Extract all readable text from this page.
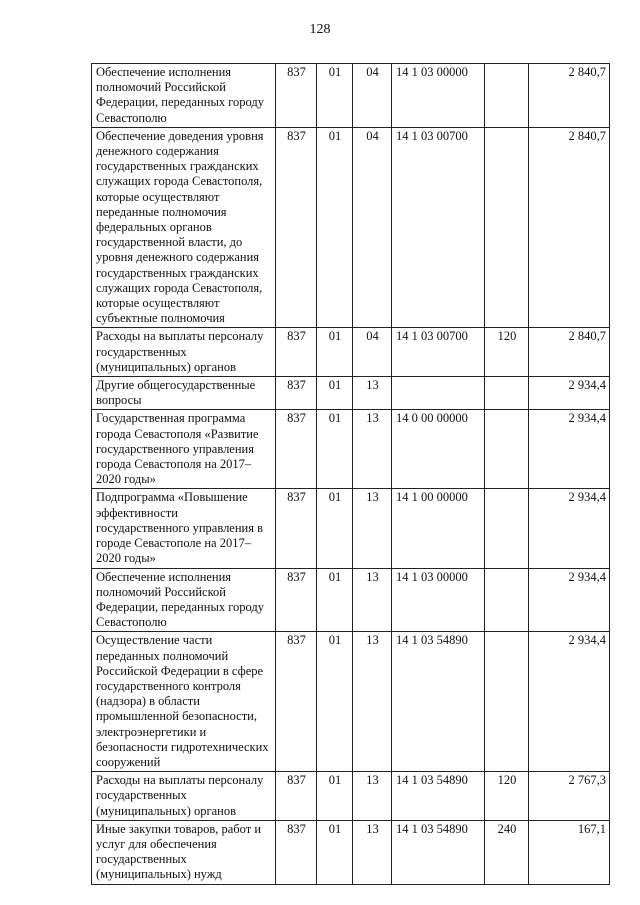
128
Обеспечение исполнения полномочий Российской Федерации, переданных городу Севастополю	837	01	04	14 1 03 00000		2 840,7
Обеспечение доведения уровня денежного содержания государственных гражданских служащих города Севастополя, которые осуществляют переданные полномочия федеральных органов государственной власти, до уровня денежного содержания государственных гражданских служащих города Севастополя, которые осуществляют субъектные полномочия	837	01	04	14 1 03 00700		2 840,7
Расходы на выплаты персоналу государственных (муниципальных) органов	837	01	04	14 1 03 00700	120	2 840,7
Другие общегосударственные вопросы	837	01	13			2 934,4
Государственная программа города Севастополя «Развитие государственного управления города Севастополя на 2017–2020 годы»	837	01	13	14 0 00 00000		2 934,4
Подпрограмма «Повышение эффективности государственного управления в городе Севастополе на 2017–2020 годы»	837	01	13	14 1 00 00000		2 934,4
Обеспечение исполнения полномочий Российской Федерации, переданных городу Севастополю	837	01	13	14 1 03 00000		2 934,4
Осуществление части переданных полномочий Российской Федерации в сфере государственного контроля (надзора) в области промышленной безопасности, электроэнергетики и безопасности гидротехнических сооружений	837	01	13	14 1 03 54890		2 934,4
Расходы на выплаты персоналу государственных (муниципальных) органов	837	01	13	14 1 03 54890	120	2 767,3
Иные закупки товаров, работ и услуг для обеспечения государственных (муниципальных) нужд	837	01	13	14 1 03 54890	240	167,1
